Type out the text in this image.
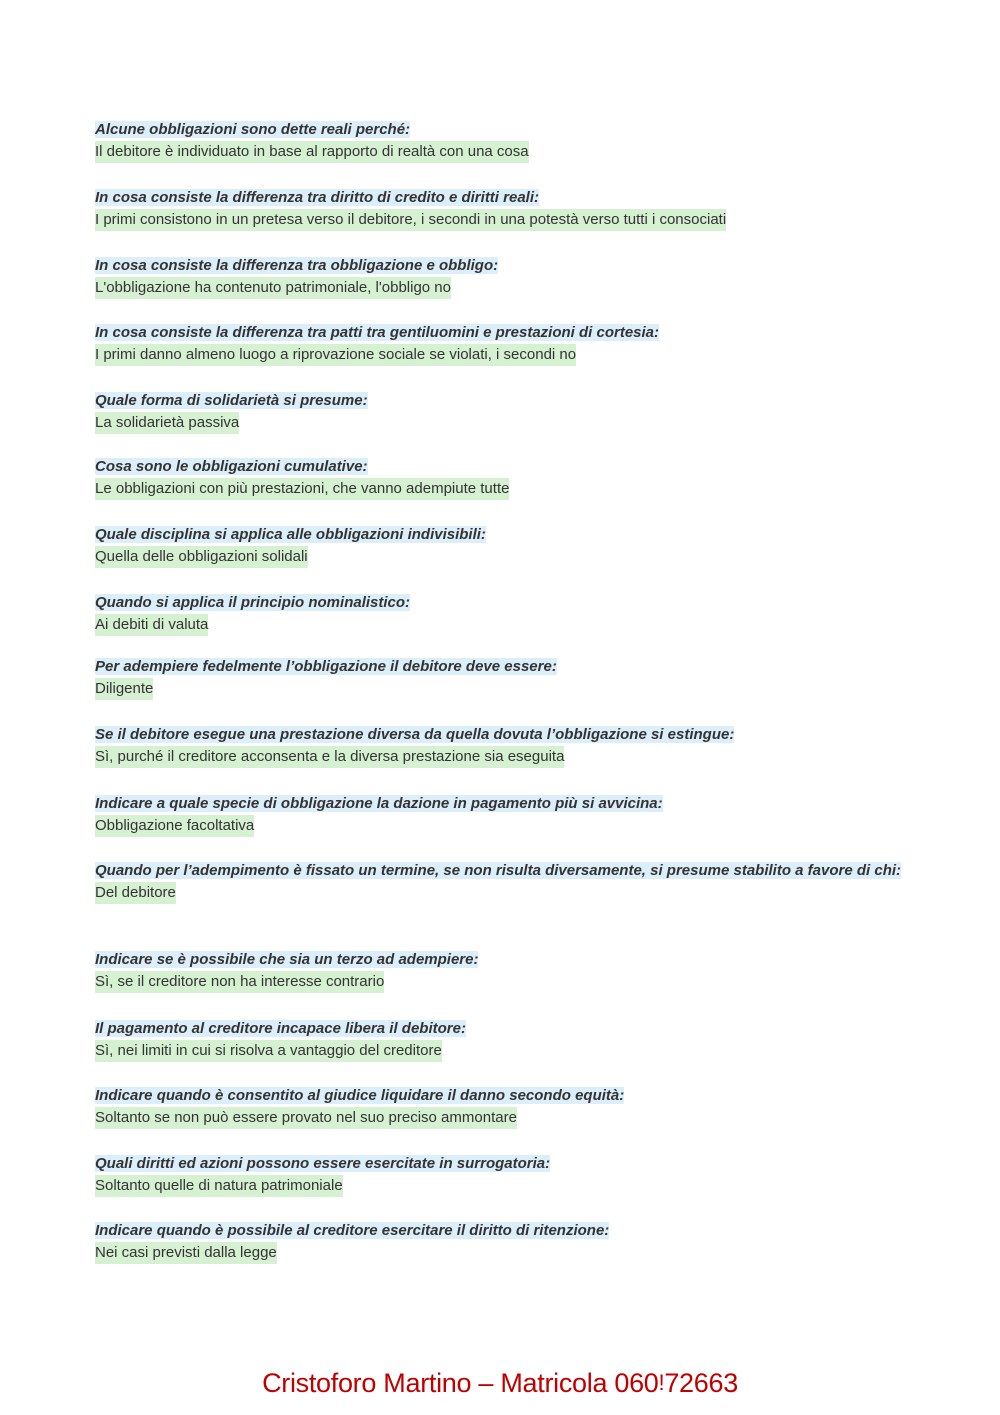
Alcune obbligazioni sono dette reali perché:
Il debitore è individuato in base al rapporto di realtà con una cosa
In cosa consiste la differenza tra diritto di credito e diritti reali:
I primi consistono in un pretesa verso il debitore, i secondi in una potestà verso tutti i consociati
In cosa consiste la differenza tra obbligazione e obbligo:
L'obbligazione ha contenuto patrimoniale, l'obbligo no
In cosa consiste la differenza tra patti tra gentiluomini e prestazioni di cortesia:
I primi danno almeno luogo a riprovazione sociale se violati, i secondi no
Quale forma di solidarietà si presume:
La solidarietà passiva
Cosa sono le obbligazioni cumulative:
Le obbligazioni con più prestazioni, che vanno adempiute tutte
Quale disciplina si applica alle obbligazioni indivisibili:
Quella delle obbligazioni solidali
Quando si applica il principio nominalistico:
Ai debiti di valuta
Per adempiere fedelmente l’obbligazione il debitore deve essere:
Diligente
Se il debitore esegue una prestazione diversa da quella dovuta l’obbligazione si estingue:
Sì, purché il creditore acconsenta e la diversa prestazione sia eseguita
Indicare a quale specie di obbligazione la dazione in pagamento più si avvicina:
Obbligazione facoltativa
Quando per l’adempimento è fissato un termine, se non risulta diversamente, si presume stabilito a favore di chi:
Del debitore
Indicare se è possibile che sia un terzo ad adempiere:
Sì, se il creditore non ha interesse contrario
Il pagamento al creditore incapace libera il debitore:
Sì, nei limiti in cui si risolva a vantaggio del creditore
Indicare quando è consentito al giudice liquidare il danno secondo equità:
Soltanto se non può essere provato nel suo preciso ammontare
Quali diritti ed azioni possono essere esercitate in surrogatoria:
Soltanto quelle di natura patrimoniale
Indicare quando è possibile al creditore esercitare il diritto di ritenzione:
Nei casi previsti dalla legge
Cristoforo Martino – Matricola 060!72663
